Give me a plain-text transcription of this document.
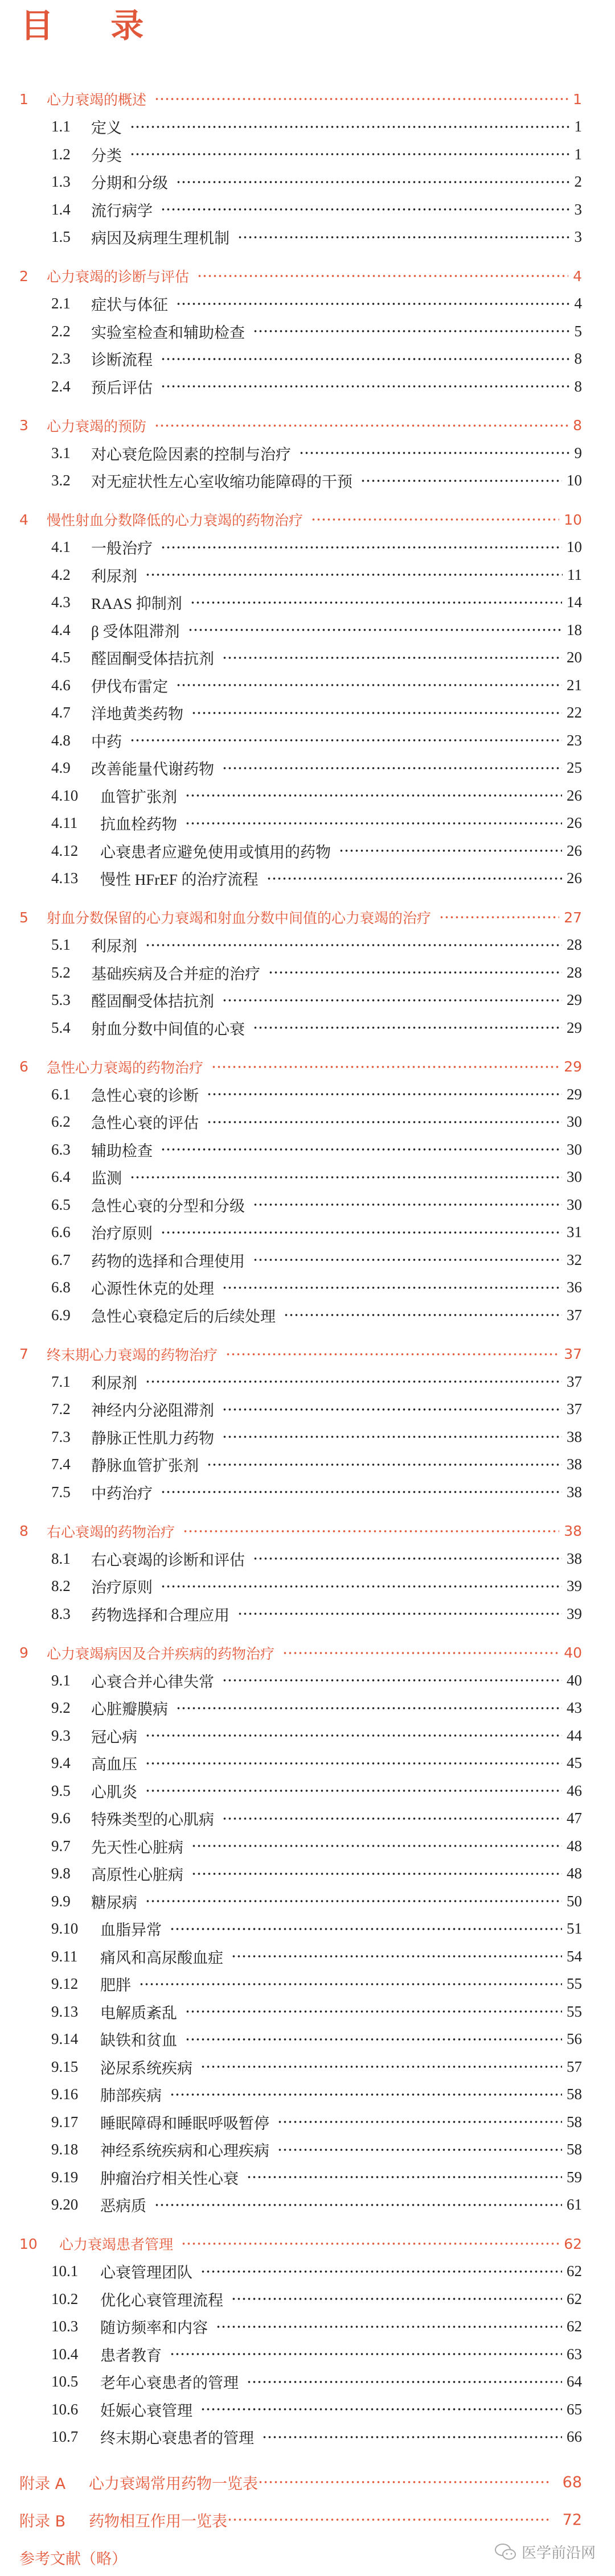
目 录
1	心力衰竭的概述	1
1.1	定义	1
1.2	分类	1
1.3	分期和分级	2
1.4	流行病学	3
1.5	病因及病理生理机制	3
2	心力衰竭的诊断与评估	4
2.1	症状与体征	4
2.2	实验室检查和辅助检查	5
2.3	诊断流程	8
2.4	预后评估	8
3	心力衰竭的预防	8
3.1	对心衰危险因素的控制与治疗	9
3.2	对无症状性左心室收缩功能障碍的干预	10
4	慢性射血分数降低的心力衰竭的药物治疗	10
4.1	一般治疗	10
4.2	利尿剂	11
4.3	RAAS 抑制剂	14
4.4	β 受体阻滞剂	18
4.5	醛固酮受体拮抗剂	20
4.6	伊伐布雷定	21
4.7	洋地黄类药物	22
4.8	中药	23
4.9	改善能量代谢药物	25
4.10	血管扩张剂	26
4.11	抗血栓药物	26
4.12	心衰患者应避免使用或慎用的药物	26
4.13	慢性 HFrEF 的治疗流程	26
5	射血分数保留的心力衰竭和射血分数中间值的心力衰竭的治疗	27
5.1	利尿剂	28
5.2	基础疾病及合并症的治疗	28
5.3	醛固酮受体拮抗剂	29
5.4	射血分数中间值的心衰	29
6	急性心力衰竭的药物治疗	29
6.1	急性心衰的诊断	29
6.2	急性心衰的评估	30
6.3	辅助检查	30
6.4	监测	30
6.5	急性心衰的分型和分级	30
6.6	治疗原则	31
6.7	药物的选择和合理使用	32
6.8	心源性休克的处理	36
6.9	急性心衰稳定后的后续处理	37
7	终末期心力衰竭的药物治疗	37
7.1	利尿剂	37
7.2	神经内分泌阻滞剂	37
7.3	静脉正性肌力药物	38
7.4	静脉血管扩张剂	38
7.5	中药治疗	38
8	右心衰竭的药物治疗	38
8.1	右心衰竭的诊断和评估	38
8.2	治疗原则	39
8.3	药物选择和合理应用	39
9	心力衰竭病因及合并疾病的药物治疗	40
9.1	心衰合并心律失常	40
9.2	心脏瓣膜病	43
9.3	冠心病	44
9.4	高血压	45
9.5	心肌炎	46
9.6	特殊类型的心肌病	47
9.7	先天性心脏病	48
9.8	高原性心脏病	48
9.9	糖尿病	50
9.10	血脂异常	51
9.11	痛风和高尿酸血症	54
9.12	肥胖	55
9.13	电解质紊乱	55
9.14	缺铁和贫血	56
9.15	泌尿系统疾病	57
9.16	肺部疾病	58
9.17	睡眠障碍和睡眠呼吸暂停	58
9.18	神经系统疾病和心理疾病	58
9.19	肿瘤治疗相关性心衰	59
9.20	恶病质	61
10	心力衰竭患者管理	62
10.1	心衰管理团队	62
10.2	优化心衰管理流程	62
10.3	随访频率和内容	62
10.4	患者教育	63
10.5	老年心衰患者的管理	64
10.6	妊娠心衰管理	65
10.7	终末期心衰患者的管理	66
附录 A	心力衰竭常用药物一览表	68
附录 B	药物相互作用一览表	72
参考文献（略）	医学前沿网
